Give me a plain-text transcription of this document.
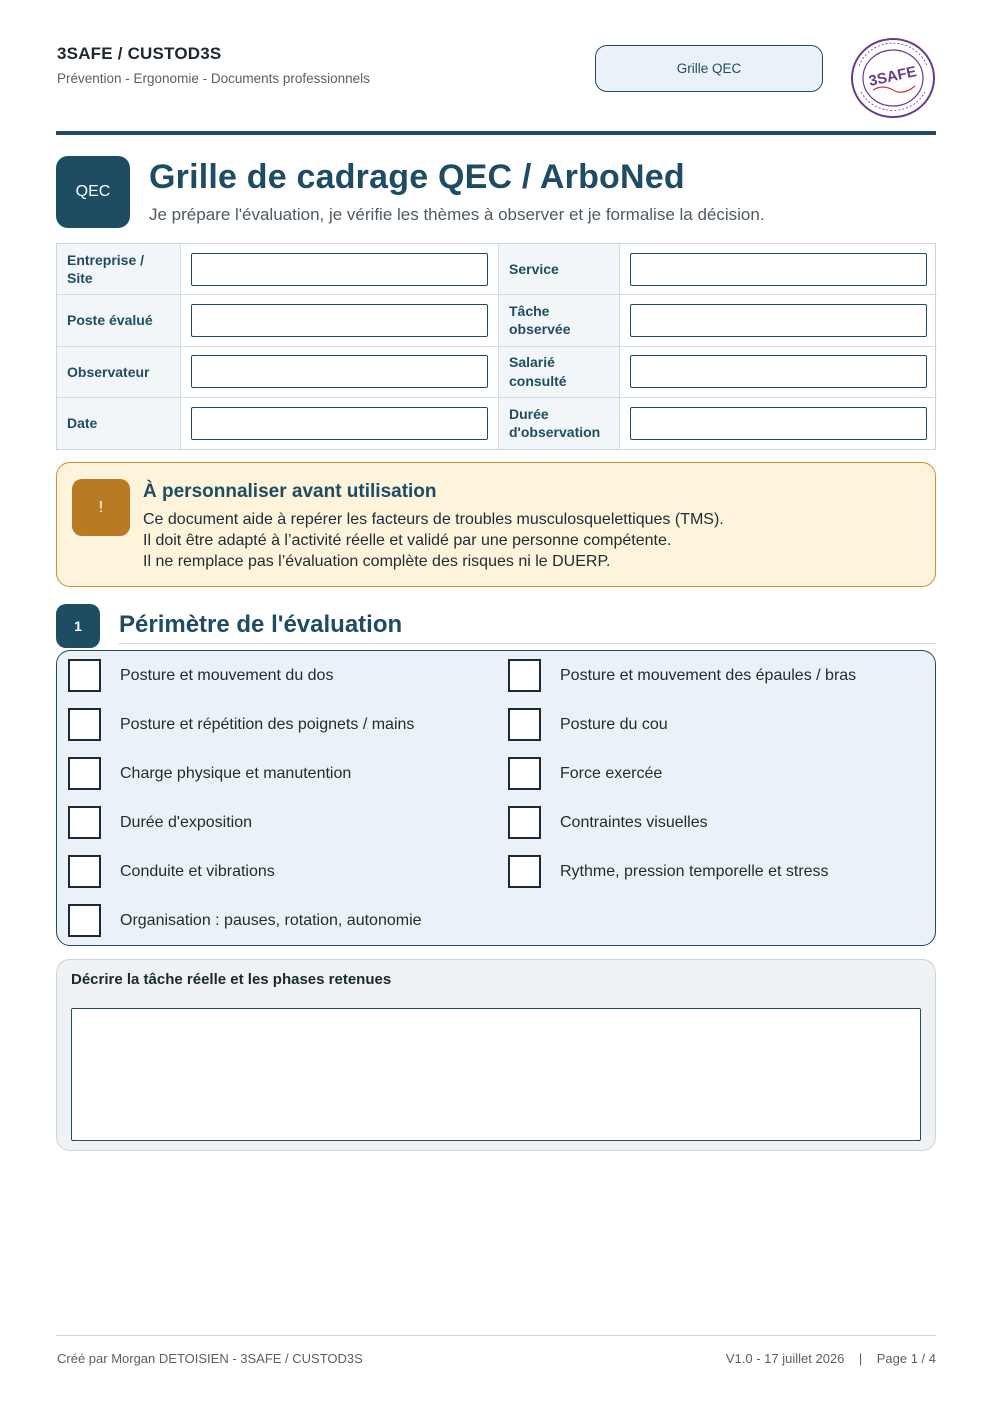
3SAFE / CUSTOD3S
Prévention - Ergonomie - Documents professionnels
Grille QEC	3SAFE
QEC Grille de cadrage QEC / ArboNed
Je prépare l'évaluation, je vérifie les thèmes à observer et je formalise la décision.
Entreprise / Site
Service
Poste évalué
Tâche observée
Observateur
Salarié consulté
Date
Durée d'observation
!
À personnaliser avant utilisation
Ce document aide à repérer les facteurs de troubles musculosquelettiques (TMS).
Il doit être adapté à l’activité réelle et validé par une personne compétente.
Il ne remplace pas l’évaluation complète des risques ni le DUERP.
1 Périmètre de l'évaluation
Posture et mouvement du dos
Posture et répétition des poignets / mains
Charge physique et manutention
Durée d'exposition
Conduite et vibrations
Organisation : pauses, rotation, autonomie
Posture et mouvement des épaules / bras
Posture du cou
Force exercée
Contraintes visuelles
Rythme, pression temporelle et stress
Décrire la tâche réelle et les phases retenues
Créé par Morgan DETOISIEN - 3SAFE / CUSTOD3S	V1.0 - 17 juillet 2026 | Page 1 / 4
